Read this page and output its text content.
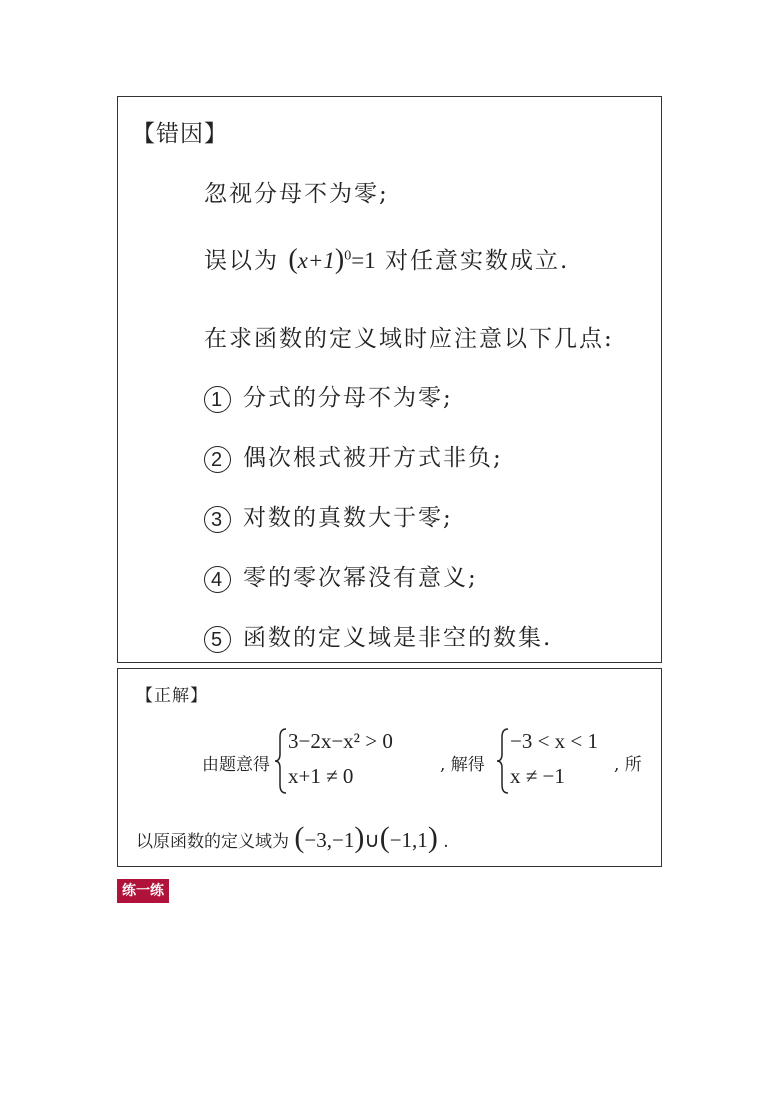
【错因】
忽视分母不为零;
误以为 $(x+1)^0=1$ 对任意实数成立.
在求函数的定义域时应注意以下几点:
1 分式的分母不为零;
2 偶次根式被开方式非负;
3 对数的真数大于零;
4 零的零次幂没有意义;
5 函数的定义域是非空的数集.
【正解】
由题意得
3−2x−x² > 0
x+1 ≠ 0	, 解得
−3 < x < 1
x ≠ −1	, 所
以原函数的定义域为 (−3,−1)∪(−1,1) .
练一练
